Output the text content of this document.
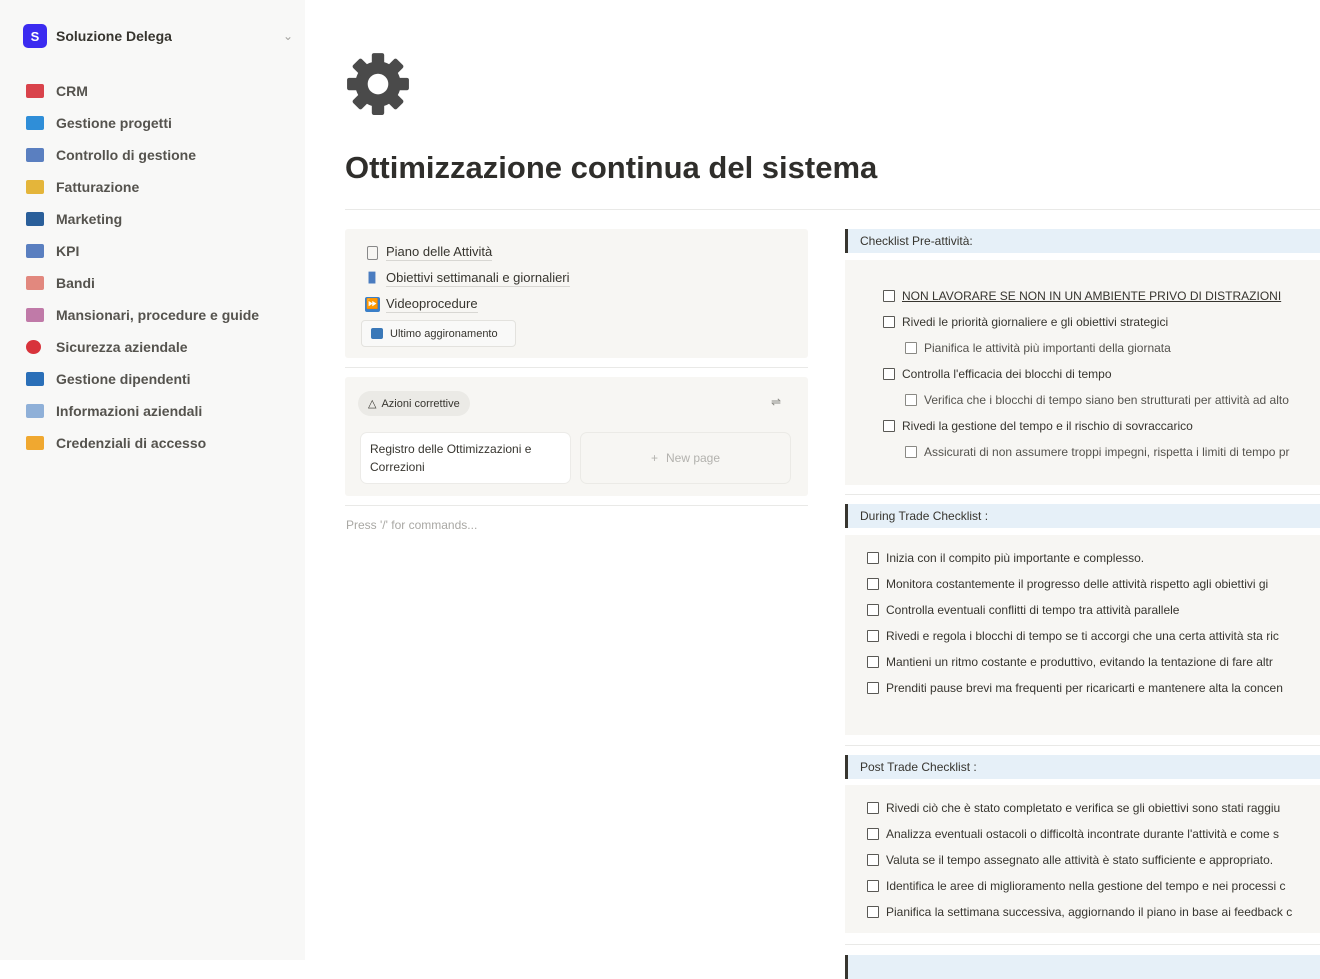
S	Soluzione Delega	⌄
CRM
Gestione progetti
Controllo di gestione
Fatturazione
Marketing
KPI
Bandi
Mansionari, procedure e guide
Sicurezza aziendale
Gestione dipendenti
Informazioni aziendali
Credenziali di accesso
Ottimizzazione continua del sistema
Piano delle Attività
▉ Obiettivi settimanali e giornalieri
⏩ Videoprocedure
Ultimo aggironamento
△ Azioni correttive	⇌
Registro delle Ottimizzazioni e Correzioni
+ New page
Press '/' for commands...
Checklist Pre-attività:
NON LAVORARE SE NON IN UN AMBIENTE PRIVO DI DISTRAZIONI
Rivedi le priorità giornaliere e gli obiettivi strategici
Pianifica le attività più importanti della giornata
Controlla l'efficacia dei blocchi di tempo
Verifica che i blocchi di tempo siano ben strutturati per attività ad alto
Rivedi la gestione del tempo e il rischio di sovraccarico
Assicurati di non assumere troppi impegni, rispetta i limiti di tempo pr
During Trade Checklist :
Inizia con il compito più importante e complesso.
Monitora costantemente il progresso delle attività rispetto agli obiettivi gi
Controlla eventuali conflitti di tempo tra attività parallele
Rivedi e regola i blocchi di tempo se ti accorgi che una certa attività sta ric
Mantieni un ritmo costante e produttivo, evitando la tentazione di fare altr
Prenditi pause brevi ma frequenti per ricaricarti e mantenere alta la concen
Post Trade Checklist :
Rivedi ciò che è stato completato e verifica se gli obiettivi sono stati raggiu
Analizza eventuali ostacoli o difficoltà incontrate durante l'attività e come s
Valuta se il tempo assegnato alle attività è stato sufficiente e appropriato.
Identifica le aree di miglioramento nella gestione del tempo e nei processi c
Pianifica la settimana successiva, aggiornando il piano in base ai feedback c
